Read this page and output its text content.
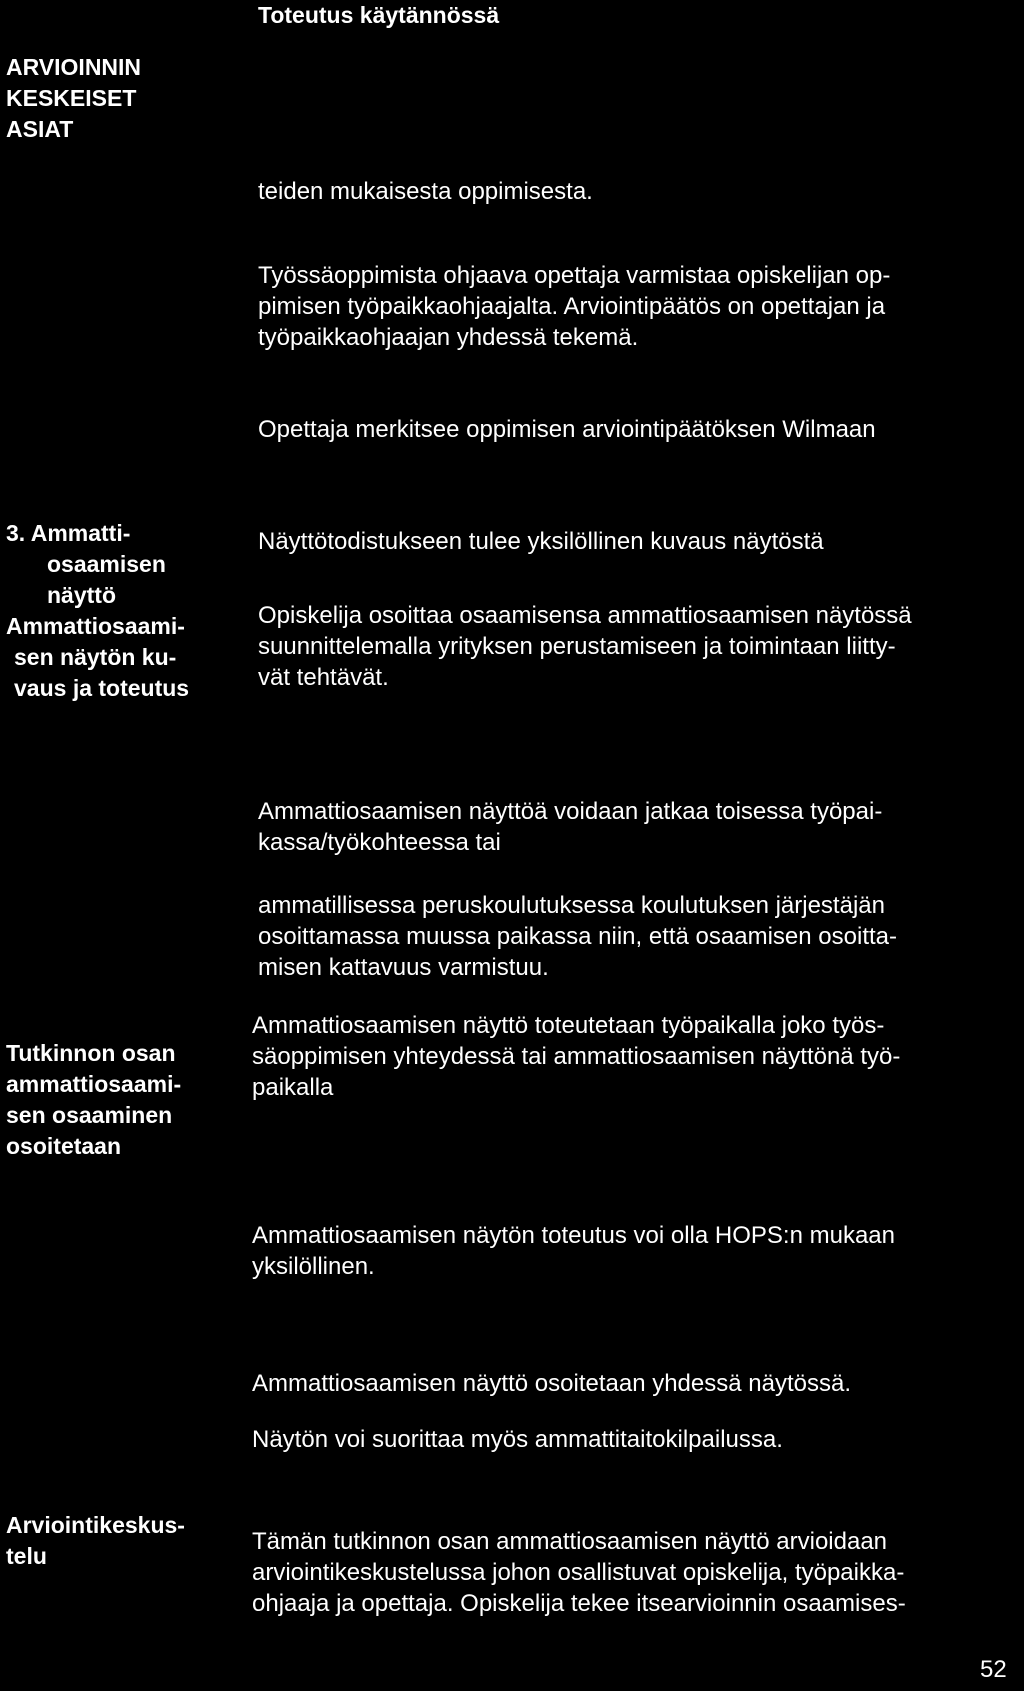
Toteutus käytännössä
ARVIOINNIN
KESKEISET
ASIAT
teiden mukaisesta oppimisesta.
Työssäoppimista ohjaava opettaja varmistaa opiskelijan op-
pimisen työpaikkaohjaajalta. Arviointipäätös on opettajan ja
työpaikkaohjaajan yhdessä tekemä.
Opettaja merkitsee oppimisen arviointipäätöksen Wilmaan
3. Ammatti-
osaamisen
näyttö
Ammattiosaami-
sen näytön ku-
vaus ja toteutus
Näyttötodistukseen tulee yksilöllinen kuvaus näytöstä
Opiskelija osoittaa osaamisensa ammattiosaamisen näytössä
suunnittelemalla yrityksen perustamiseen ja toimintaan liitty-
vät tehtävät.
Ammattiosaamisen näyttöä voidaan jatkaa toisessa työpai-
kassa/työkohteessa tai
ammatillisessa peruskoulutuksessa koulutuksen järjestäjän
osoittamassa muussa paikassa niin, että osaamisen osoitta-
misen kattavuus varmistuu.
Tutkinnon osan
ammattiosaami-
sen osaaminen
osoitetaan
Ammattiosaamisen näyttö toteutetaan työpaikalla joko työs-
säoppimisen yhteydessä tai ammattiosaamisen näyttönä työ-
paikalla
Ammattiosaamisen näytön toteutus voi olla HOPS:n mukaan
yksilöllinen.
Ammattiosaamisen näyttö osoitetaan yhdessä näytössä.
Näytön voi suorittaa myös ammattitaitokilpailussa.
Arviointikeskus-
telu
Tämän tutkinnon osan ammattiosaamisen näyttö arvioidaan
arviointikeskustelussa johon osallistuvat opiskelija, työpaikka-
ohjaaja ja opettaja. Opiskelija tekee itsearvioinnin osaamises-
52
